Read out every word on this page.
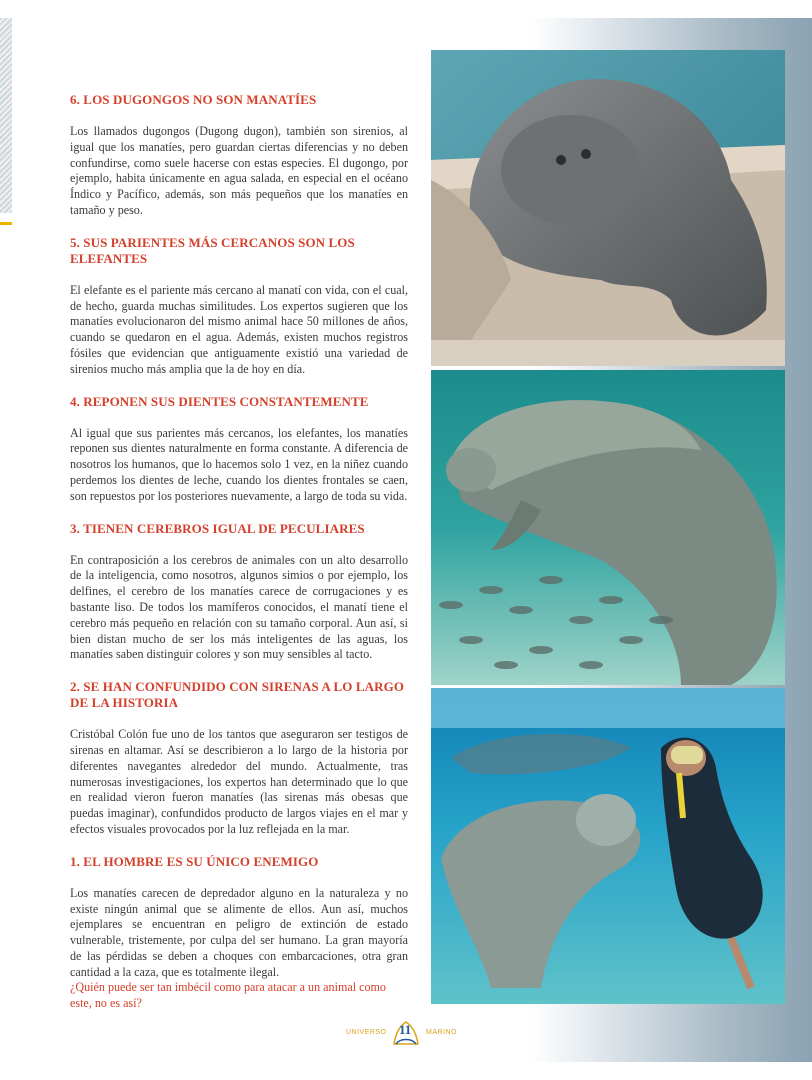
6. LOS DUGONGOS NO SON MANATÍES

Los llamados dugongos (Dugong dugon), también son sirenios, al igual que los manatíes, pero guardan ciertas diferencias y no deben confundirse, como suele hacerse con estas especies. El dugongo, por ejemplo, habita únicamente en agua salada, en especial en el océano Índico y Pacífico, además, son más pequeños que los manatíes en tamaño y peso.

5. SUS PARIENTES MÁS CERCANOS SON LOS ELEFANTES

El elefante es el pariente más cercano al manatí con vida, con el cual, de hecho, guarda muchas similitudes. Los expertos sugieren que los manatíes evolucionaron del mismo animal hace 50 millones de años, cuando se quedaron en el agua. Además, existen muchos registros fósiles que evidencian que antiguamente existió una variedad de sirenios mucho más amplia que la de hoy en día.

4. REPONEN SUS DIENTES CONSTANTEMENTE

Al igual que sus parientes más cercanos, los elefantes, los manatíes reponen sus dientes naturalmente en forma constante. A diferencia de nosotros los humanos, que lo hacemos solo 1 vez, en la niñez cuando perdemos los dientes de leche, cuando los dientes frontales se caen, son repuestos por los posteriores nuevamente, a largo de toda su vida.

3. TIENEN CEREBROS IGUAL DE PECULIARES

En contraposición a los cerebros de animales con un alto desarrollo de la inteligencia, como nosotros, algunos simios o por ejemplo, los delfines, el cerebro de los manatíes carece de corrugaciones y es bastante liso. De todos los mamíferos conocidos, el manatí tiene el cerebro más pequeño en relación con su tamaño corporal. Aun así, si bien distan mucho de ser los más inteligentes de las aguas, los manatíes saben distinguir colores y son muy sensibles al tacto.

2. SE HAN CONFUNDIDO CON SIRENAS A LO LARGO DE LA HISTORIA

Cristóbal Colón fue uno de los tantos que aseguraron ser testigos de sirenas en altamar. Así se describieron a lo largo de la historia por diferentes navegantes alrededor del mundo. Actualmente, tras numerosas investigaciones, los expertos han determinado que lo que en realidad vieron fueron manatíes (las sirenas más obesas que puedas imaginar), confundidos producto de largos viajes en el mar y efectos visuales provocados por la luz reflejada en la mar.

1. EL HOMBRE ES SU ÚNICO ENEMIGO

Los manatíes carecen de depredador alguno en la naturaleza y no existe ningún animal que se alimente de ellos. Aun así, muchos ejemplares se encuentran en peligro de extinción de estado vulnerable, tristemente, por culpa del ser humano. La gran mayoría de las pérdidas se deben a choques con embarcaciones, otra gran cantidad a la caza, que es totalmente ilegal.

¿Quién puede ser tan imbécil como para atacar a un animal como este, no es así?

UNIVERSO 11 MARINO
